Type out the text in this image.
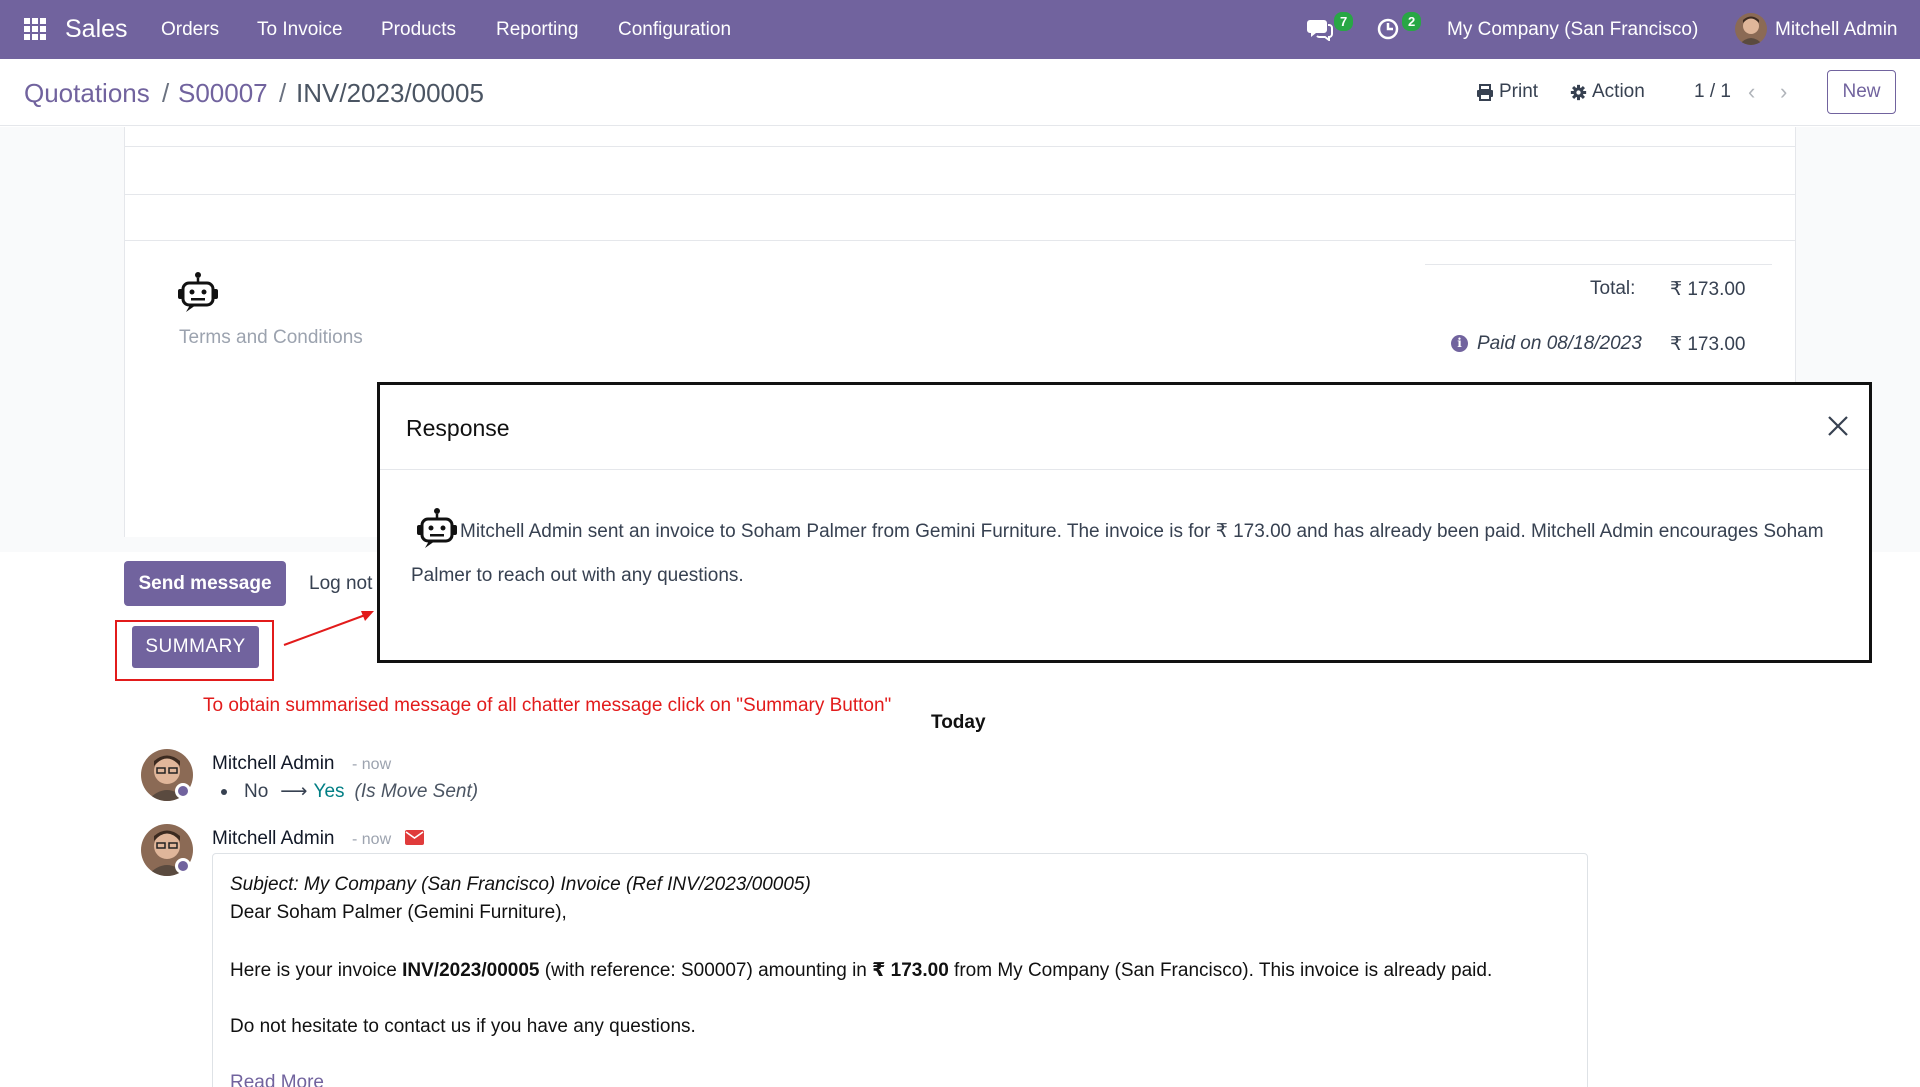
Sales Orders To Invoice Products Reporting Configuration	7	2	My Company (San Francisco)	Mitchell Admin
Quotations / S00007 / INV/2023/00005	Print	Action	1 / 1 ‹ ›	New
Terms and Conditions
Total: ₹ 173.00
i Paid on 08/18/2023 ₹ 173.00
Send message	Log not
SUMMARY
To obtain summarised message of all chatter message click on "Summary Button"
Today
Mitchell Admin - now
No ⟶ Yes (Is Move Sent)
Mitchell Admin - now
Subject: My Company (San Francisco) Invoice (Ref INV/2023/00005)
Dear Soham Palmer (Gemini Furniture),
Here is your invoice INV/2023/00005 (with reference: S00007) amounting in ₹ 173.00 from My Company (San Francisco). This invoice is already paid.
Do not hesitate to contact us if you have any questions.
Read More
Response
Mitchell Admin sent an invoice to Soham Palmer from Gemini Furniture. The invoice is for ₹ 173.00 and has already been paid. Mitchell Admin encourages Soham Palmer to reach out with any questions.
